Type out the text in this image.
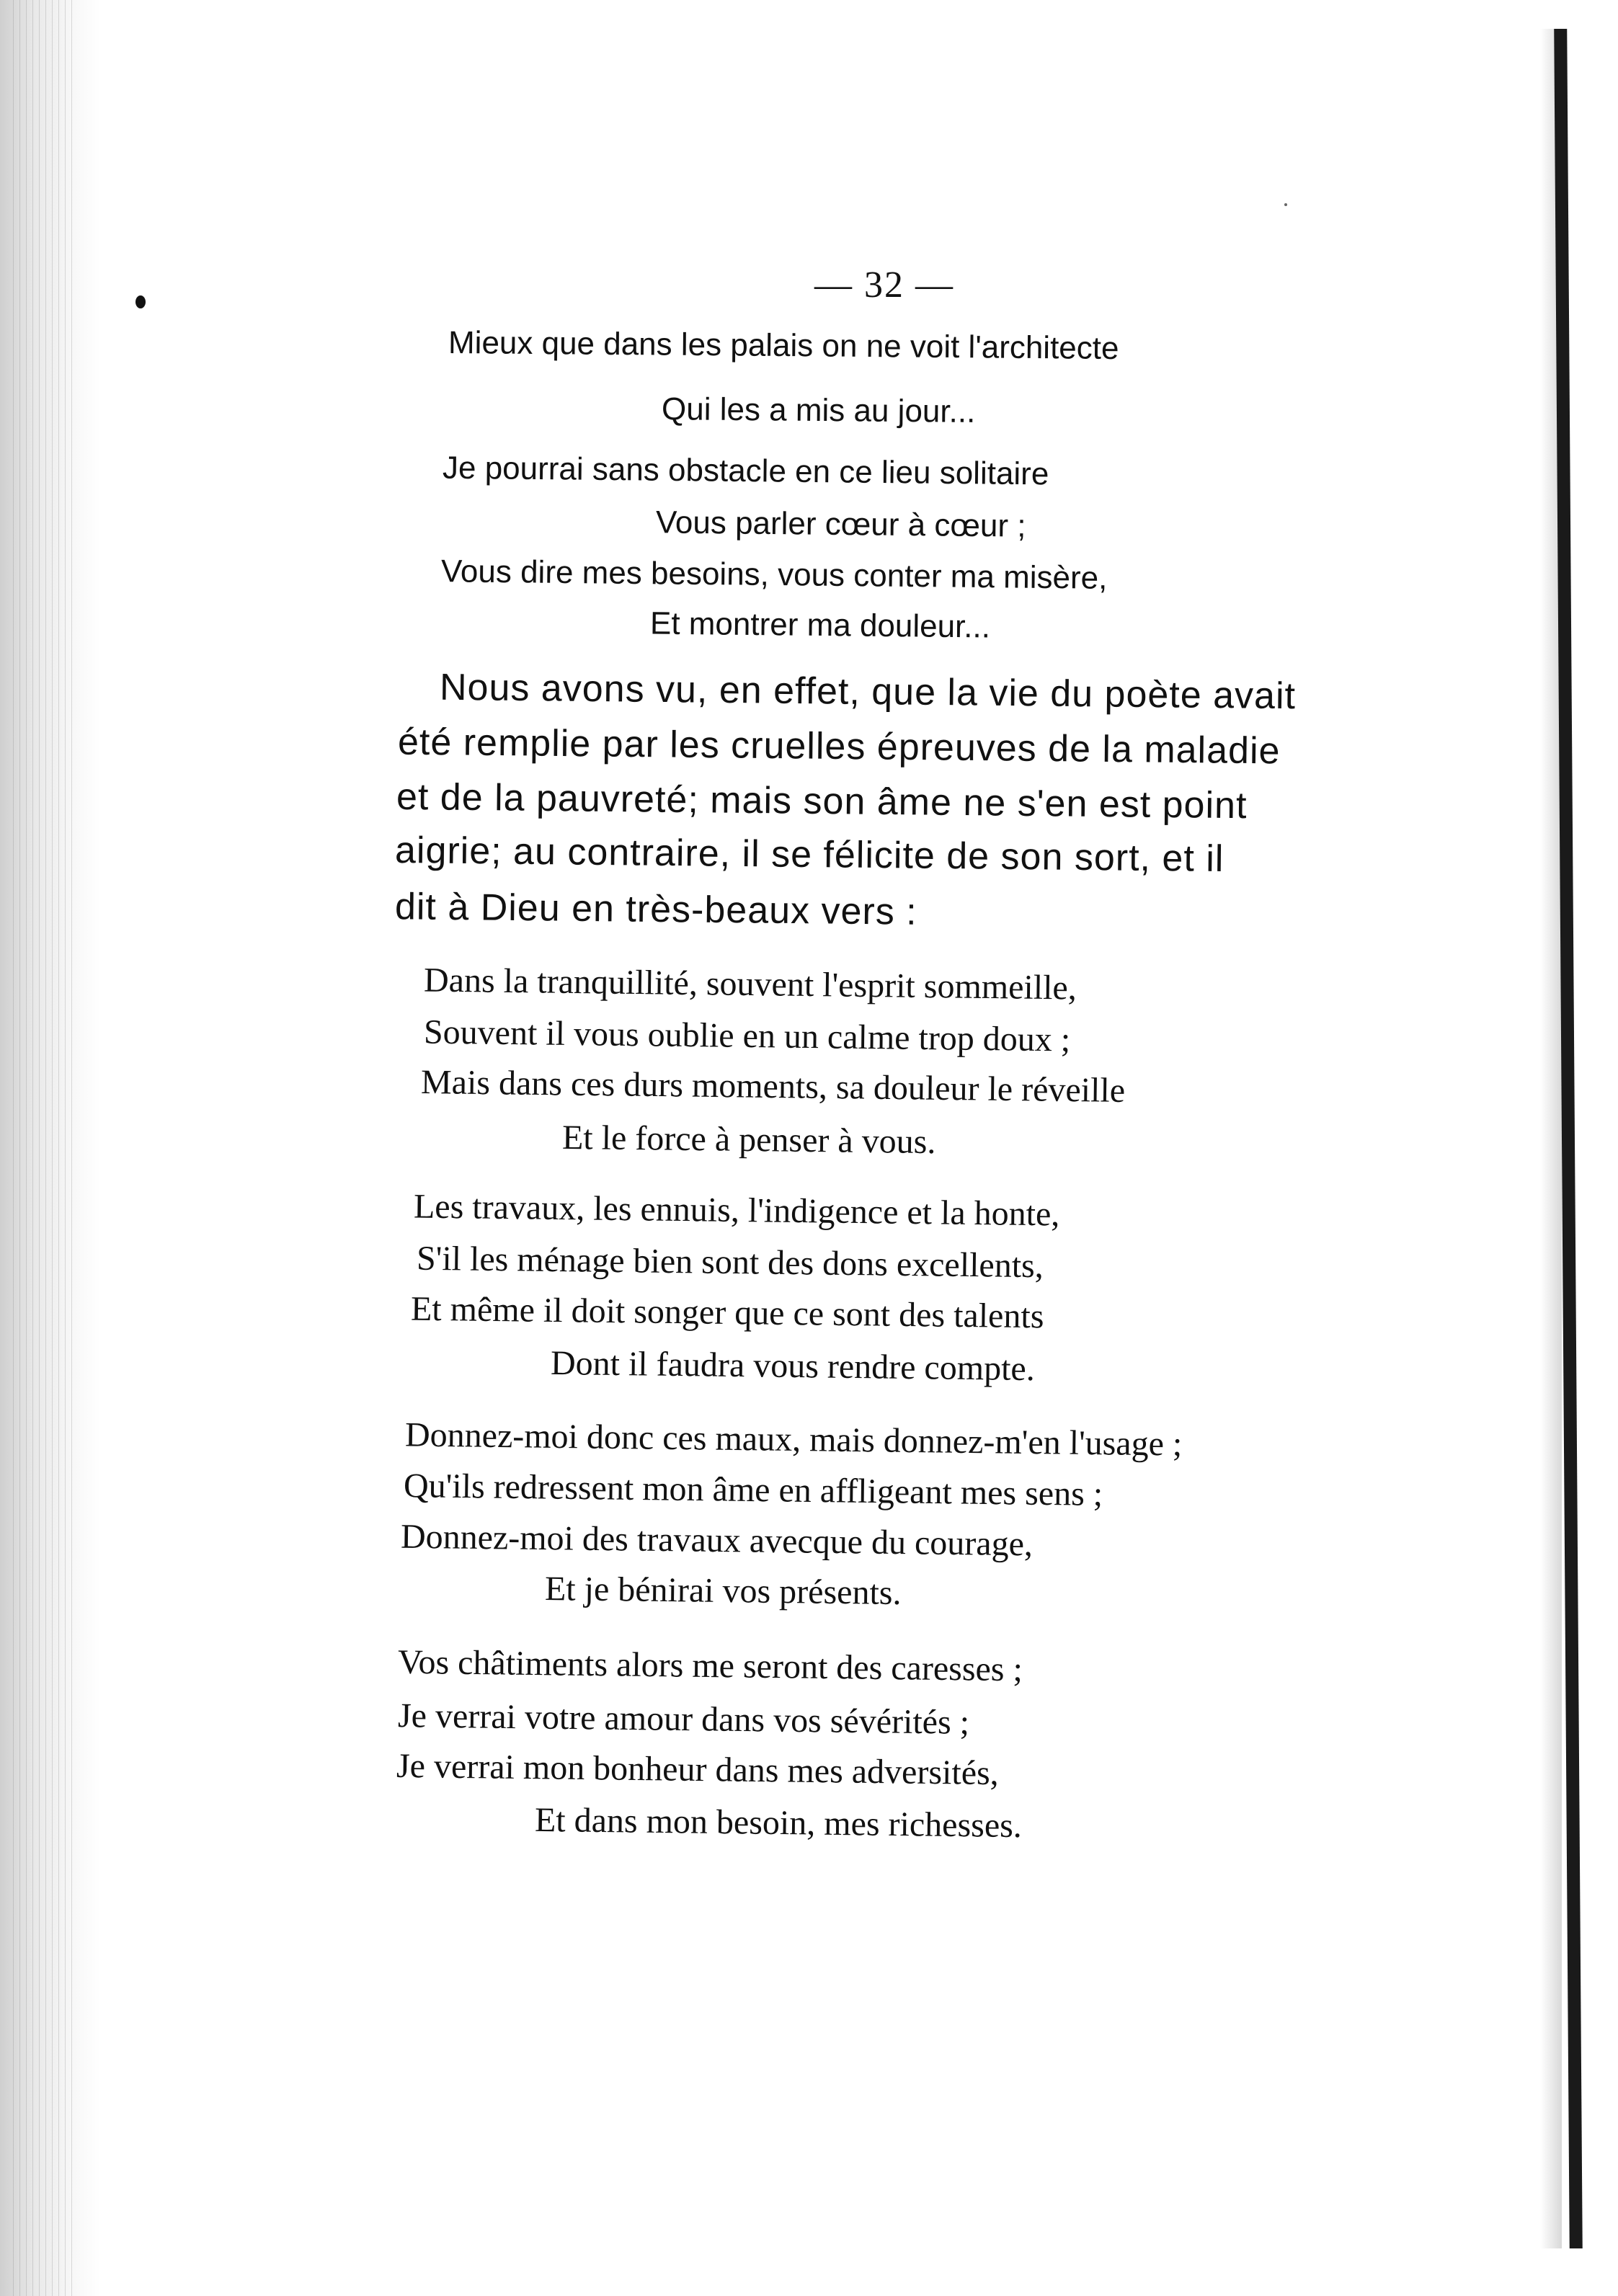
— 32 —
Mieux que dans les palais on ne voit l'architecte
Qui les a mis au jour...
Je pourrai sans obstacle en ce lieu solitaire
Vous parler cœur à cœur ;
Vous dire mes besoins, vous conter ma misère,
Et montrer ma douleur...
Nous avons vu, en effet, que la vie du poète avait
été remplie par les cruelles épreuves de la maladie
et de la pauvreté; mais son âme ne s'en est point
aigrie; au contraire, il se félicite de son sort, et il
dit à Dieu en très-beaux vers :
Dans la tranquillité, souvent l'esprit sommeille,
Souvent il vous oublie en un calme trop doux ;
Mais dans ces durs moments, sa douleur le réveille
Et le force à penser à vous.
Les travaux, les ennuis, l'indigence et la honte,
S'il les ménage bien sont des dons excellents,
Et même il doit songer que ce sont des talents
Dont il faudra vous rendre compte.
Donnez-moi donc ces maux, mais donnez-m'en l'usage ;
Qu'ils redressent mon âme en affligeant mes sens ;
Donnez-moi des travaux avecque du courage,
Et je bénirai vos présents.
Vos châtiments alors me seront des caresses ;
Je verrai votre amour dans vos sévérités ;
Je verrai mon bonheur dans mes adversités,
Et dans mon besoin, mes richesses.
